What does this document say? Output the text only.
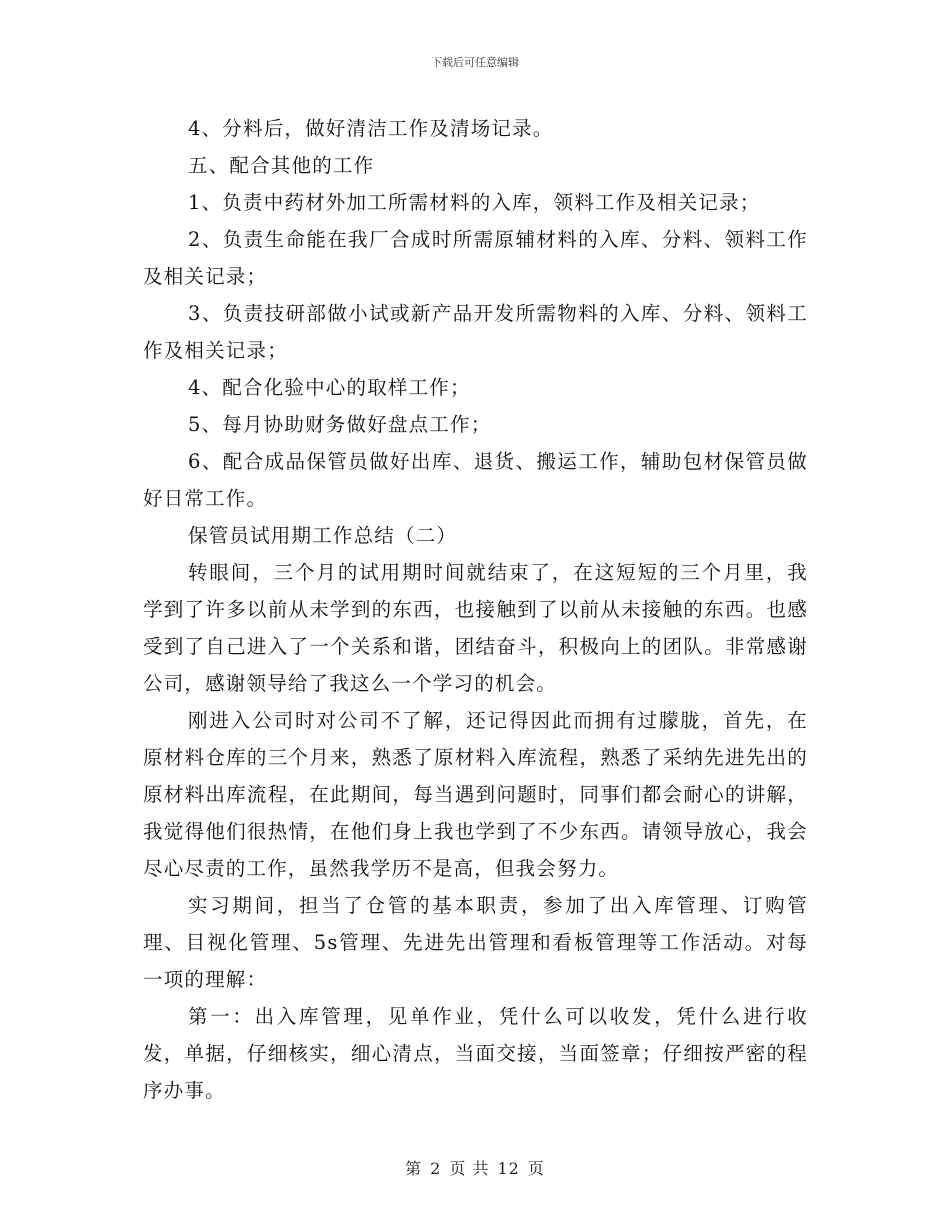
下载后可任意编辑

4、分料后，做好清洁工作及清场记录。

五、配合其他的工作

1、负责中药材外加工所需材料的入库，领料工作及相关记录；

2、负责生命能在我厂合成时所需原辅材料的入库、分料、领料工作及相关记录；

3、负责技研部做小试或新产品开发所需物料的入库、分料、领料工作及相关记录；

4、配合化验中心的取样工作；

5、每月协助财务做好盘点工作；

6、配合成品保管员做好出库、退货、搬运工作，辅助包材保管员做好日常工作。

保管员试用期工作总结（二）

转眼间，三个月的试用期时间就结束了，在这短短的三个月里，我学到了许多以前从未学到的东西，也接触到了以前从未接触的东西。也感受到了自己进入了一个关系和谐，团结奋斗，积极向上的团队。非常感谢公司，感谢领导给了我这么一个学习的机会。

刚进入公司时对公司不了解，还记得因此而拥有过朦胧，首先，在原材料仓库的三个月来，熟悉了原材料入库流程，熟悉了采纳先进先出的原材料出库流程，在此期间，每当遇到问题时，同事们都会耐心的讲解，我觉得他们很热情，在他们身上我也学到了不少东西。请领导放心，我会尽心尽责的工作，虽然我学历不是高，但我会努力。

实习期间，担当了仓管的基本职责，参加了出入库管理、订购管理、目视化管理、5s管理、先进先出管理和看板管理等工作活动。对每一项的理解：

第一：出入库管理，见单作业，凭什么可以收发，凭什么进行收发，单据，仔细核实，细心清点，当面交接，当面签章；仔细按严密的程序办事。

第 2 页 共 12 页
